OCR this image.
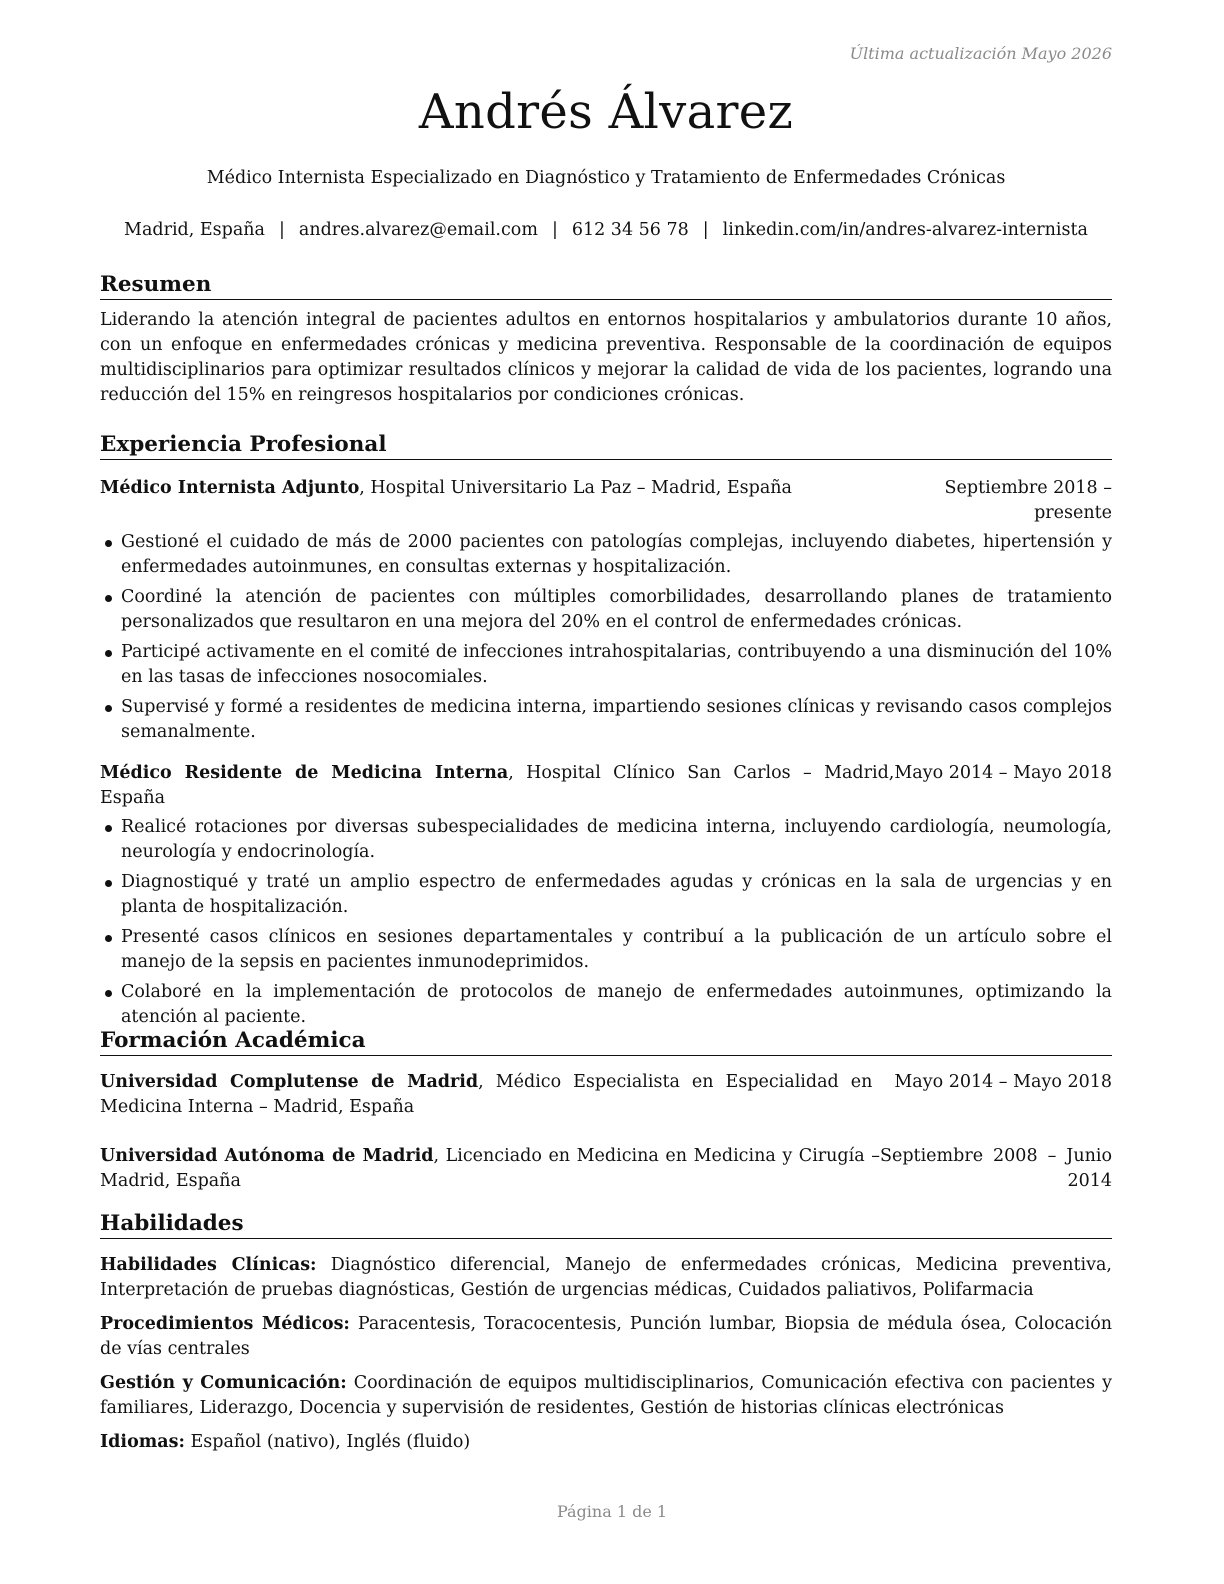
Última actualización Mayo 2026
Andrés Álvarez
Médico Internista Especializado en Diagnóstico y Tratamiento de Enfermedades Crónicas
Madrid, España | andres.alvarez@email.com | 612 34 56 78 | linkedin.com/in/andres-alvarez-internista
Resumen

Liderando la atención integral de pacientes adultos en entornos hospitalarios y ambulatorios durante 10 años, con un enfoque en enfermedades crónicas y medicina preventiva. Responsable de la coordinación de equipos multidisciplinarios para optimizar resultados clínicos y mejorar la calidad de vida de los pacientes, logrando una reducción del 15% en reingresos hospitalarios por condiciones crónicas.

Experiencia Profesional
Médico Internista Adjunto, Hospital Universitario La Paz – Madrid, España	Septiembre 2018 – presente
Gestioné el cuidado de más de 2000 pacientes con patologías complejas, incluyendo diabetes, hipertensión y enfermedades autoinmunes, en consultas externas y hospitalización.
Coordiné la atención de pacientes con múltiples comorbilidades, desarrollando planes de tratamiento personalizados que resultaron en una mejora del 20% en el control de enfermedades crónicas.
Participé activamente en el comité de infecciones intrahospitalarias, contribuyendo a una disminución del 10% en las tasas de infecciones nosocomiales.
Supervisé y formé a residentes de medicina interna, impartiendo sesiones clínicas y revisando casos complejos semanalmente.
Médico Residente de Medicina Interna, Hospital Clínico San Carlos – Madrid, España
Mayo 2014 – Mayo 2018
Realicé rotaciones por diversas subespecialidades de medicina interna, incluyendo cardiología, neumología, neurología y endocrinología.
Diagnostiqué y traté un amplio espectro de enfermedades agudas y crónicas en la sala de urgencias y en planta de hospitalización.
Presenté casos clínicos en sesiones departamentales y contribuí a la publicación de un artículo sobre el manejo de la sepsis en pacientes inmunodeprimidos.
Colaboré en la implementación de protocolos de manejo de enfermedades autoinmunes, optimizando la atención al paciente.
Formación Académica
Universidad Complutense de Madrid, Médico Especialista en Especialidad en Medicina Interna – Madrid, España
Mayo 2014 – Mayo 2018
Universidad Autónoma de Madrid, Licenciado en Medicina en Medicina y Cirugía – Madrid, España
Septiembre 2008 – Junio 2014
Habilidades
Habilidades Clínicas: Diagnóstico diferencial, Manejo de enfermedades crónicas, Medicina preventiva, Interpretación de pruebas diagnósticas, Gestión de urgencias médicas, Cuidados paliativos, Polifarmacia
Procedimientos Médicos: Paracentesis, Toracocentesis, Punción lumbar, Biopsia de médula ósea, Colocación de vías centrales
Gestión y Comunicación: Coordinación de equipos multidisciplinarios, Comunicación efectiva con pacientes y familiares, Liderazgo, Docencia y supervisión de residentes, Gestión de historias clínicas electrónicas
Idiomas: Español (nativo), Inglés (fluido)
Página 1 de 1
